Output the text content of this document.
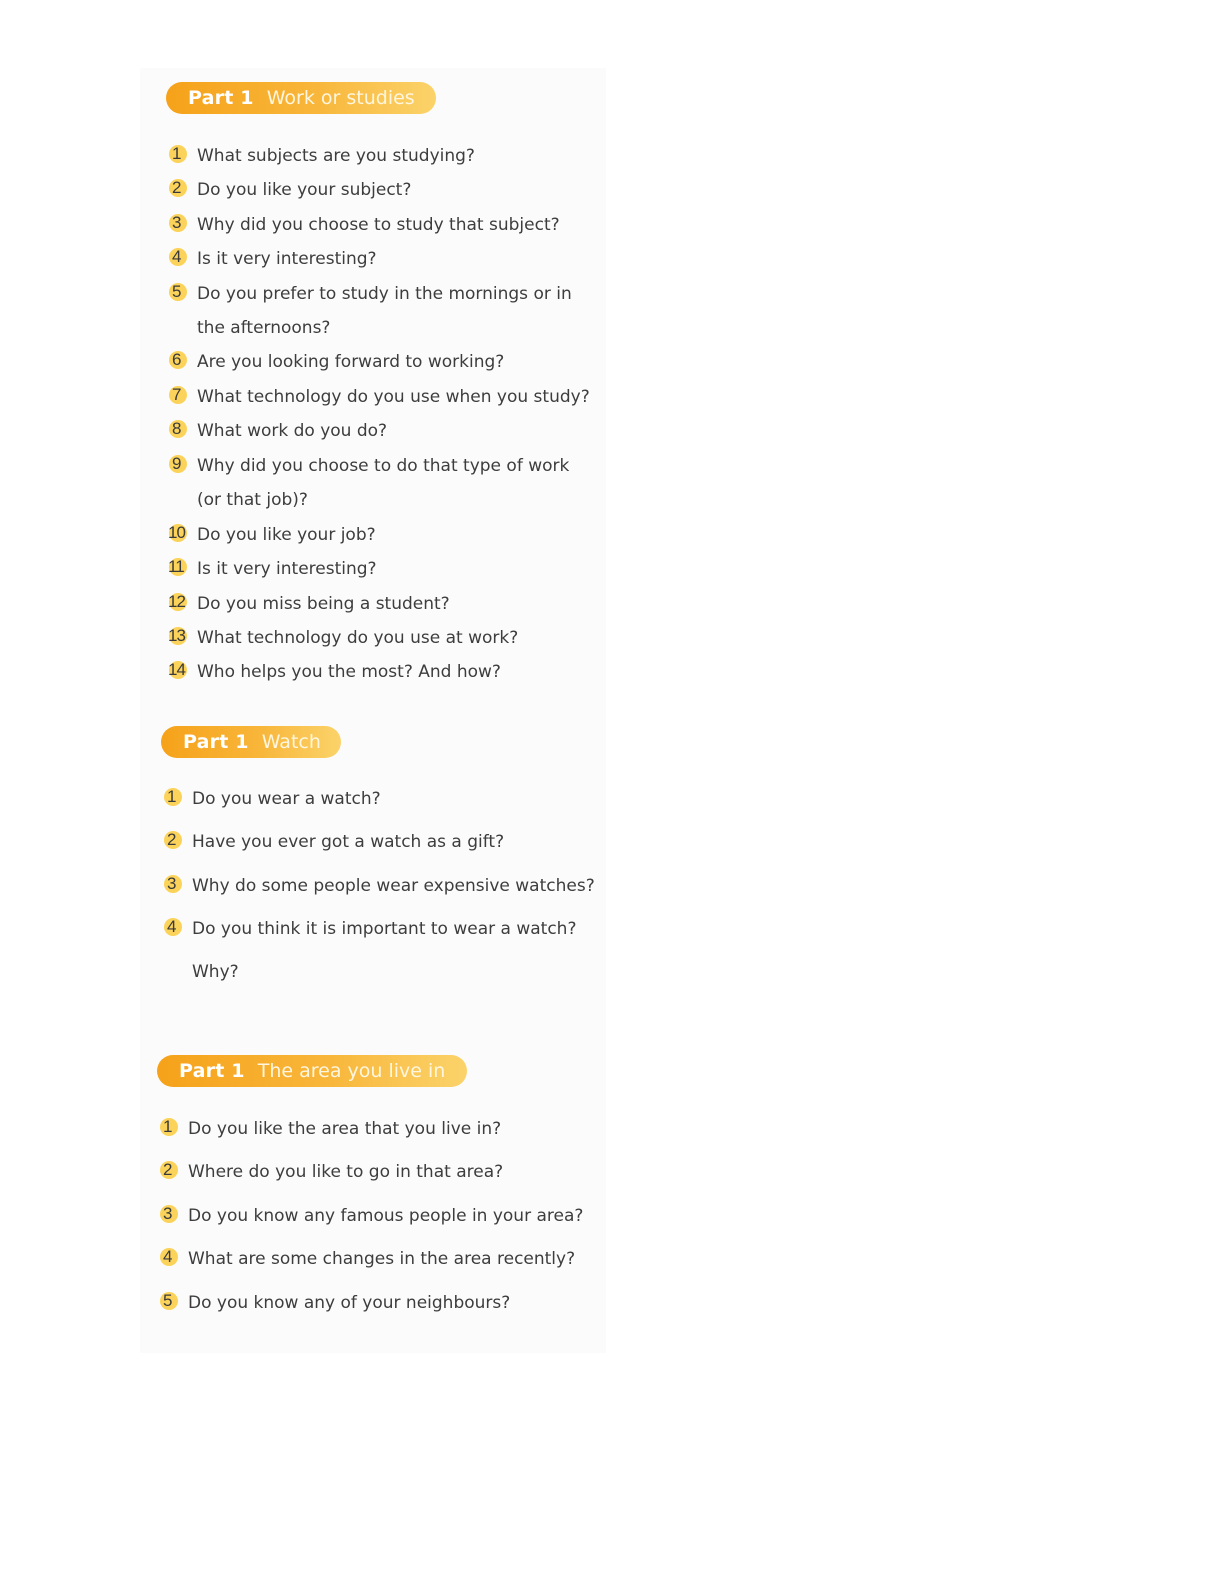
Part 1 Work or studies
1 What subjects are you studying?
2 Do you like your subject?
3 Why did you choose to study that subject?
4 Is it very interesting?
5 Do you prefer to study in the mornings or in the afternoons?
6 Are you looking forward to working?
7 What technology do you use when you study?
8 What work do you do?
9 Why did you choose to do that type of work (or that job)?
10 Do you like your job?
11 Is it very interesting?
12 Do you miss being a student?
13 What technology do you use at work?
14 Who helps you the most? And how?
Part 1 Watch
1 Do you wear a watch?
2 Have you ever got a watch as a gift?
3 Why do some people wear expensive watches?
4 Do you think it is important to wear a watch? Why?
Part 1 The area you live in
1 Do you like the area that you live in?
2 Where do you like to go in that area?
3 Do you know any famous people in your area?
4 What are some changes in the area recently?
5 Do you know any of your neighbours?
